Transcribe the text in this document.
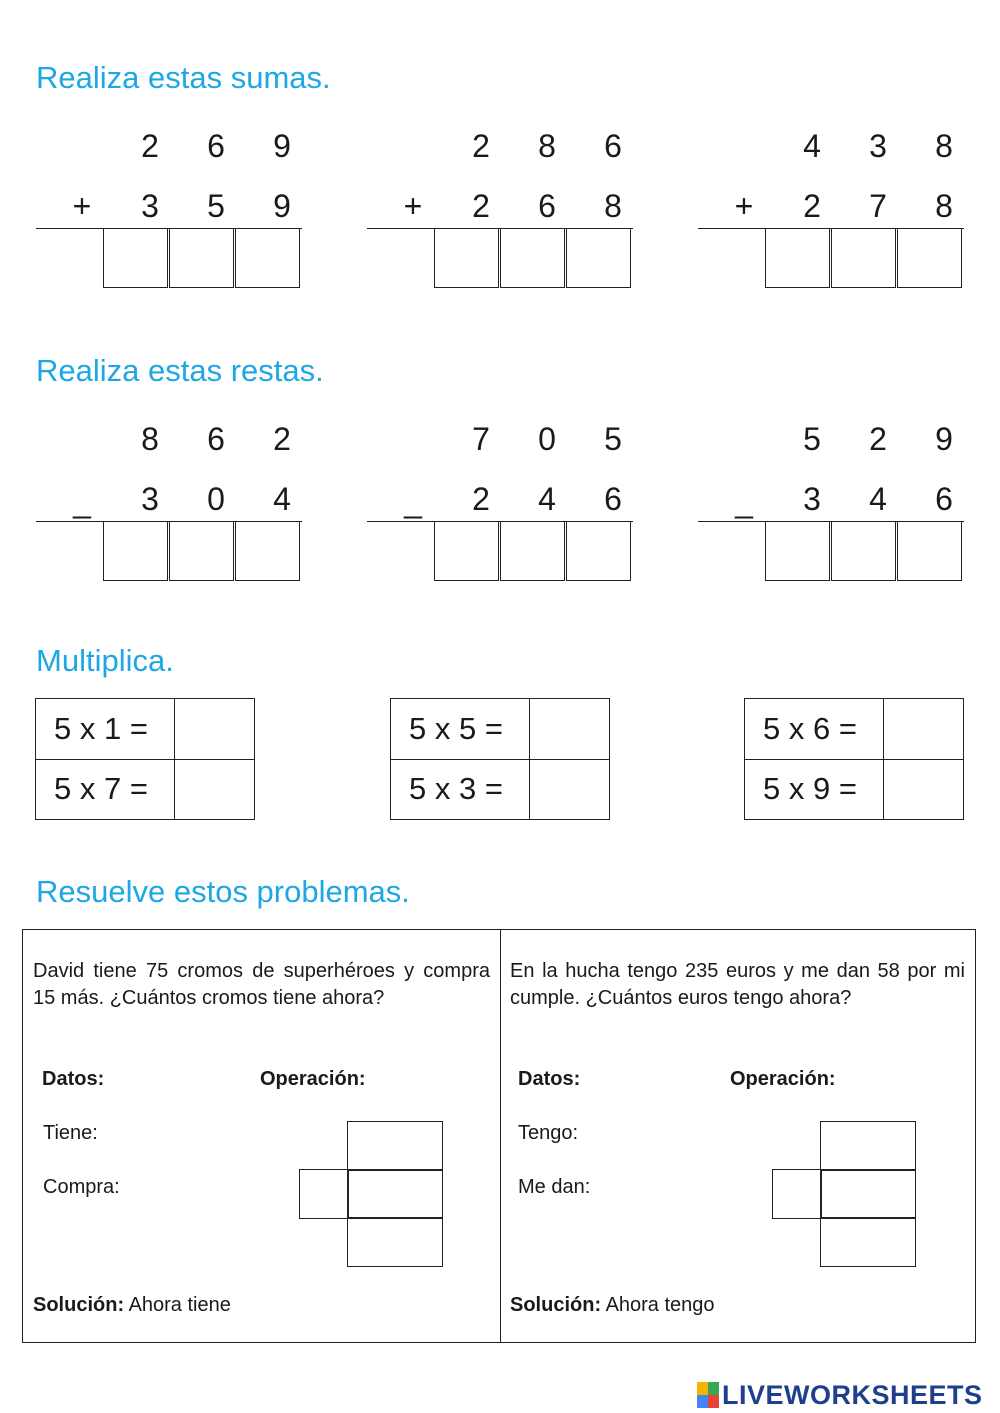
Realiza estas sumas.
Realiza estas restas.
Multiplica.
Resuelve estos problemas.
2	6	9
+	3	5	9
2	8	6
+	2	6	8
4	3	8
+	2	7	8
8	6	2
_	3	0	4
7	0	5
_	2	4	6
5	2	9
_	3	4	6
5 x 1 =
5 x 7 =
5 x 5 =
5 x 3 =
5 x 6 =
5 x 9 =

David tiene 75 cromos de superhéroes y compra 15 más. ¿Cuántos cromos tiene ahora?

Datos:	Operación:
Tiene:
Compra:
Solución: Ahora tiene

En la hucha tengo 235 euros y me dan 58 por mi cumple. ¿Cuántos euros tengo ahora?

Datos:	Operación:
Tengo:
Me dan:
Solución: Ahora tengo
LIVEWORKSHEETS
